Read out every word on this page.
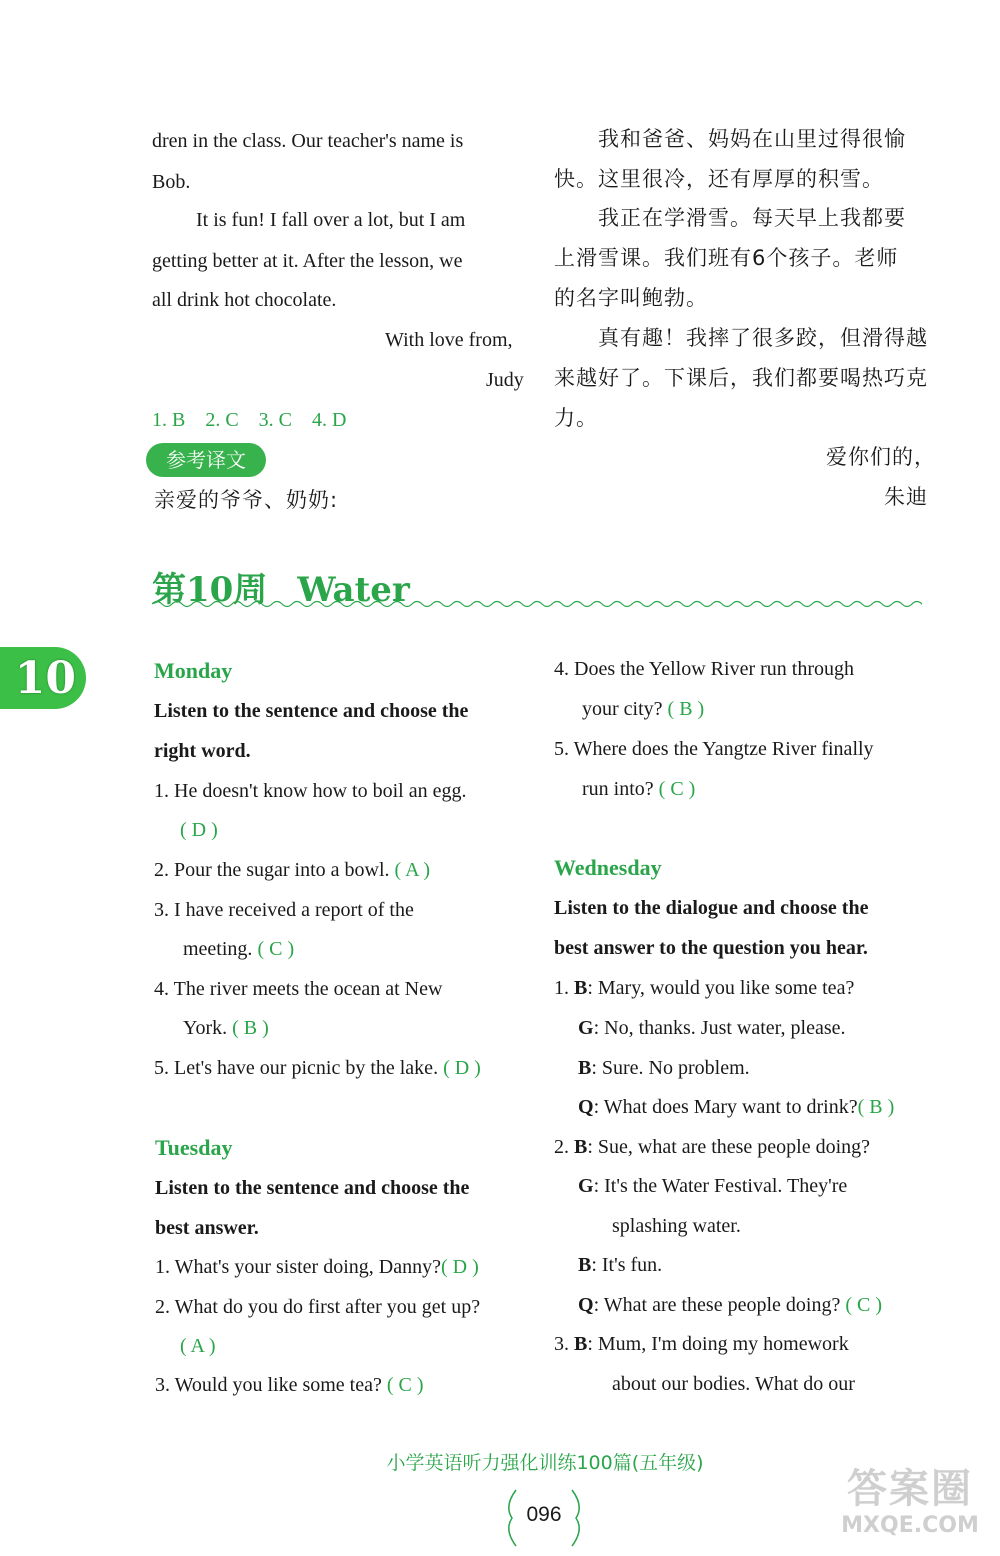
dren in the class. Our teacher's name is
Bob.
It is fun! I fall over a lot, but I am
getting better at it. After the lesson, we
all drink hot chocolate.
With love from,
Judy
1. B    2. C    3. C    4. D
参考译文
亲爱的爷爷、奶奶:
我和爸爸、妈妈在山里过得很愉
快。这里很冷，还有厚厚的积雪。
我正在学滑雪。每天早上我都要
上滑雪课。我们班有6个孩子。老师
的名字叫鲍勃。
真有趣！我摔了很多跤，但滑得越
来越好了。下课后，我们都要喝热巧克
力。
爱你们的，
朱迪
第10周 Water
10	Monday
Listen to the sentence and choose the
right word.
1. He doesn't know how to boil an egg.
( D )
2. Pour the sugar into a bowl. ( A )
3. I have received a report of the
meeting. ( C )
4. The river meets the ocean at New
York. ( B )
5. Let's have our picnic by the lake. ( D )
Tuesday
Listen to the sentence and choose the
best answer.
1. What's your sister doing, Danny?( D )
2. What do you do first after you get up?
( A )
3. Would you like some tea? ( C )
4. Does the Yellow River run through
your city? ( B )
5. Where does the Yangtze River finally
run into? ( C )
Wednesday
Listen to the dialogue and choose the
best answer to the question you hear.
1. B: Mary, would you like some tea?
G: No, thanks. Just water, please.
B: Sure. No problem.
Q: What does Mary want to drink?( B )
2. B: Sue, what are these people doing?
G: It's the Water Festival. They're
splashing water.
B: It's fun.
Q: What are these people doing? ( C )
3. B: Mum, I'm doing my homework
about our bodies. What do our
小学英语听力强化训练100篇(五年级)
096
答案圈
MXQE.COM
